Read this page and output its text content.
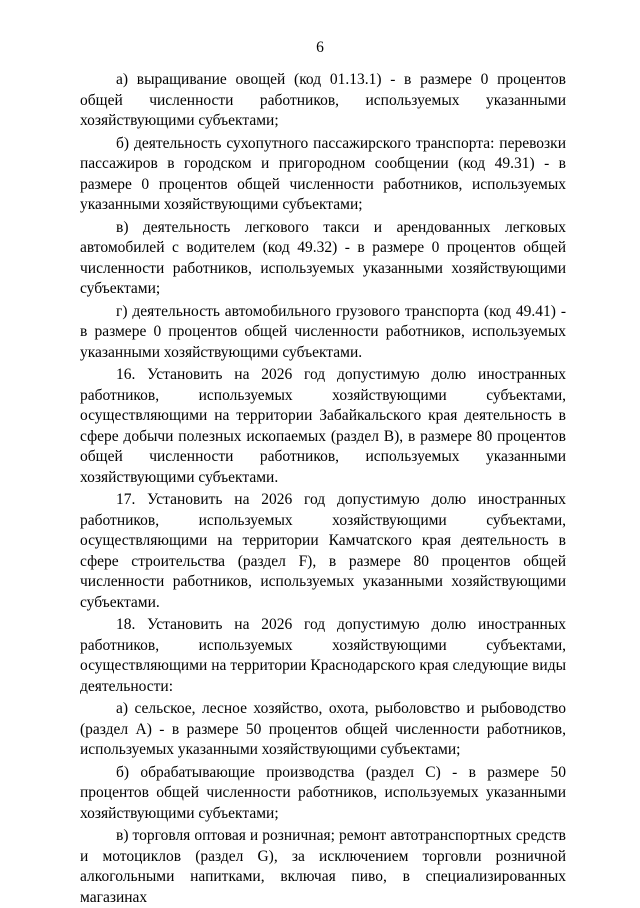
6

а) выращивание овощей (код 01.13.1) - в размере 0 процентов общей численности работников, используемых указанными хозяйствующими субъектами;

б) деятельность сухопутного пассажирского транспорта: перевозки пассажиров в городском и пригородном сообщении (код 49.31) - в размере 0 процентов общей численности работников, используемых указанными хозяйствующими субъектами;

в) деятельность легкового такси и арендованных легковых автомобилей с водителем (код 49.32) - в размере 0 процентов общей численности работников, используемых указанными хозяйствующими субъектами;

г) деятельность автомобильного грузового транспорта (код 49.41) - в размере 0 процентов общей численности работников, используемых указанными хозяйствующими субъектами.

16. Установить на 2026 год допустимую долю иностранных работников, используемых хозяйствующими субъектами, осуществляющими на территории Забайкальского края деятельность в сфере добычи полезных ископаемых (раздел B), в размере 80 процентов общей численности работников, используемых указанными хозяйствующими субъектами.

17. Установить на 2026 год допустимую долю иностранных работников, используемых хозяйствующими субъектами, осуществляющими на территории Камчатского края деятельность в сфере строительства (раздел F), в размере 80 процентов общей численности работников, используемых указанными хозяйствующими субъектами.

18. Установить на 2026 год допустимую долю иностранных работников, используемых хозяйствующими субъектами, осуществляющими на территории Краснодарского края следующие виды деятельности:

а) сельское, лесное хозяйство, охота, рыболовство и рыбоводство (раздел A) - в размере 50 процентов общей численности работников, используемых указанными хозяйствующими субъектами;

б) обрабатывающие производства (раздел C) - в размере 50 процентов общей численности работников, используемых указанными хозяйствующими субъектами;

в) торговля оптовая и розничная; ремонт автотранспортных средств и мотоциклов (раздел G), за исключением торговли розничной алкогольными напитками, включая пиво, в специализированных магазинах
